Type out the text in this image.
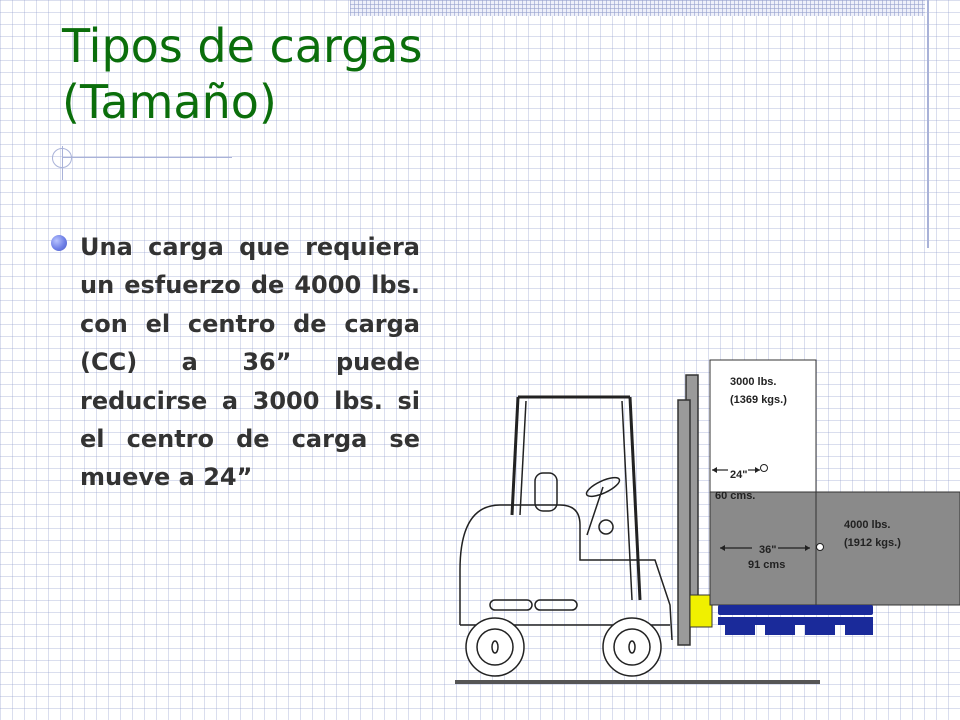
Tipos de cargas
(Tamaño)

Una carga que requiera un esfuerzo de 4000 lbs. con el centro de carga (CC) a 36” puede reducirse a 3000 lbs. si el centro de carga se mueve a 24”

3000 lbs.
(1369 kgs.)
24"
60 cms.
4000 lbs.
(1912 kgs.)
36"
91 cms
